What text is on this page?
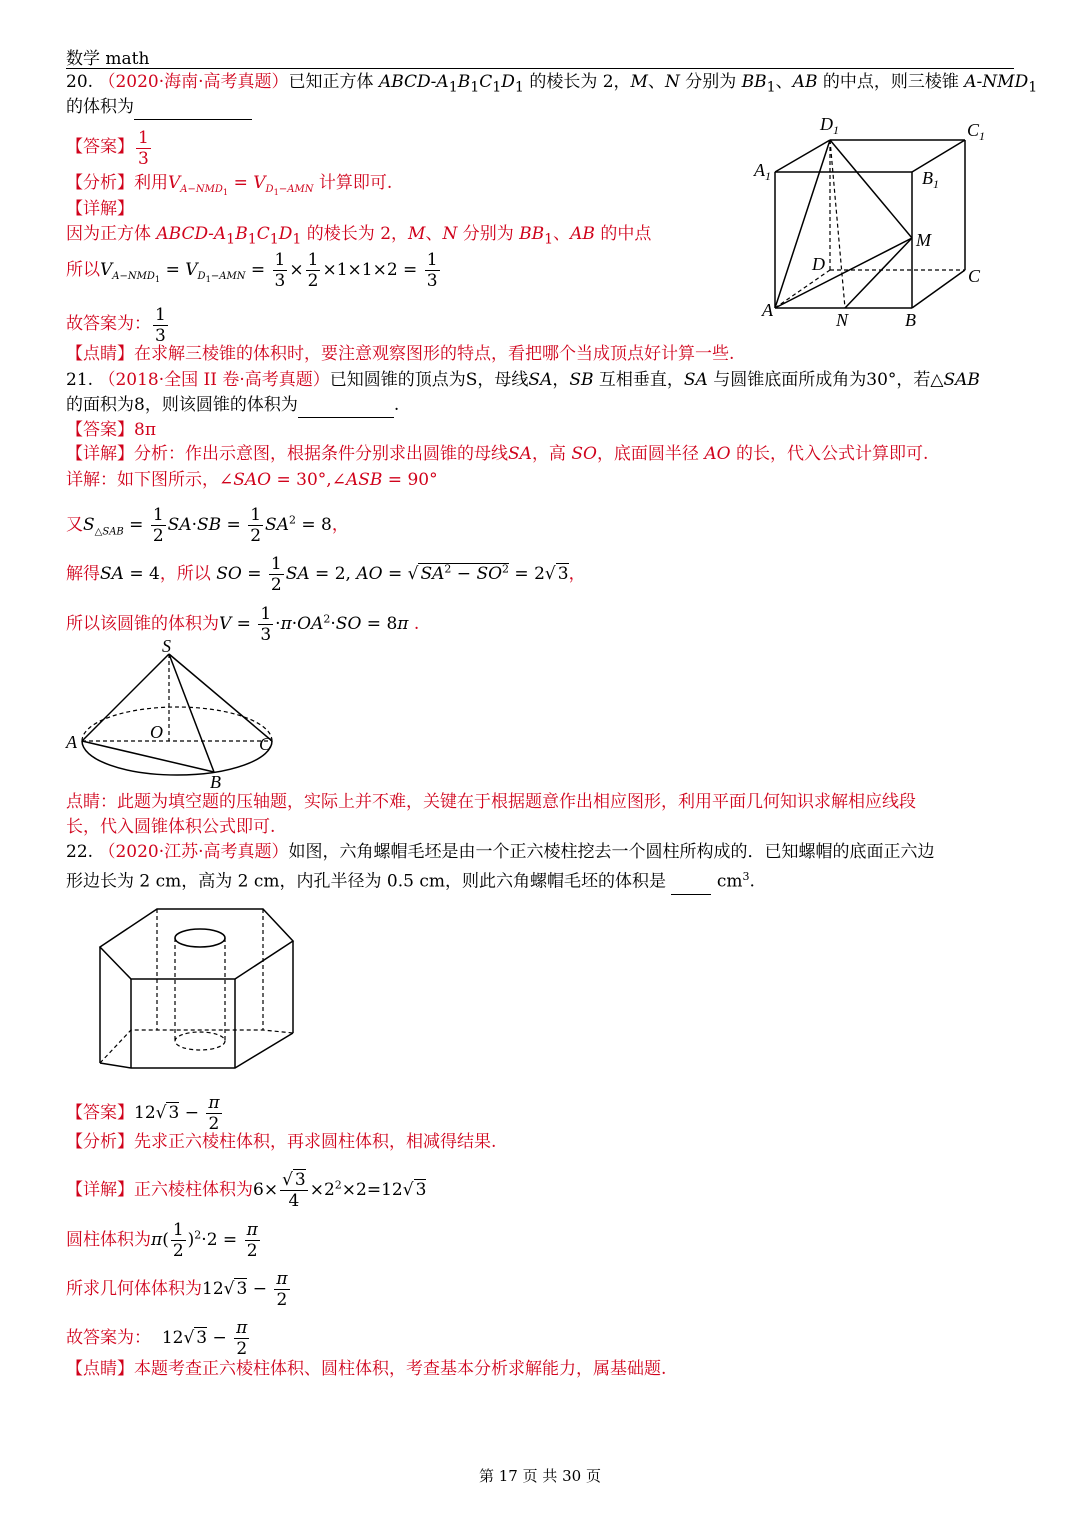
数学 math
20. （2020·海南·高考真题）已知正方体 ABCD-$A_1B_1C_1D_1$ 的棱长为 2，M、N 分别为 $BB_1$、AB 的中点，则三棱锥 $A-NMD_1$
的体积为
【答案】 $\frac{1}{3}$
【分析】利用$V_{A-NMD_1} = V_{D_1-AMN}$ 计算即可.
【详解】
因为正方体 ABCD-$A_1B_1C_1D_1$ 的棱长为 2，M、N 分别为 $BB_1$、AB 的中点
所以$V_{A-NMD_1} = V_{D_1-AMN} = \frac{1}{3} \times \frac{1}{2} \times 1\times 1\times 2 = \frac{1}{3}$
故答案为： $\frac{1}{3}$
【点睛】在求解三棱锥的体积时，要注意观察图形的特点，看把哪个当成顶点好计算一些.
$D_1$	$C_1$
$A_1$	$B_1$
M
D
C
A	N	B
21. （2018·全国 II 卷·高考真题）已知圆锥的顶点为S，母线SA，SB 互相垂直，SA 与圆锥底面所成角为30°，若△SAB
的面积为8，则该圆锥的体积为	.
【答案】8π
【详解】分析：作出示意图，根据条件分别求出圆锥的母线SA，高 SO，底面圆半径 AO 的长，代入公式计算即可.
详解：如下图所示，∠SAO = 30°,∠ASB = 90°
又$S_{\triangle SAB} = \frac{1}{2} SA\cdot SB = \frac{1}{2} SA^2 = 8$，
解得SA = 4，所以 SO = $\frac{1}{2}$ SA = 2, AO = √ $SA^2 - SO^2 = 2√$ 3，
所以该圆锥的体积为$V = \frac{1}{3} \cdot\pi\cdot OA^2\cdot SO = 8\pi$ .
S
O
A	C
B
点睛：此题为填空题的压轴题，实际上并不难，关键在于根据题意作出相应图形，利用平面几何知识求解相应线段
长，代入圆锥体积公式即可.
22. （2020·江苏·高考真题）如图，六角螺帽毛坯是由一个正六棱柱挖去一个圆柱所构成的．已知螺帽的底面正六边
形边长为 2 cm，高为 2 cm，内孔半径为 0.5 cm，则此六角螺帽毛坯的体积是	$cm^3$.
【答案】12√ $3 - \frac{\pi}{2}$
【分析】先求正六棱柱体积，再求圆柱体积，相减得结果.
【详解】正六棱柱体积为$6\times \frac{√ 3}{4} \times 2^2\times 2=12√$ 3
圆柱体积为$\pi( \frac{1}{2} )^2\cdot 2 = \frac{\pi}{2}$
所求几何体体积为12√ $3 - \frac{\pi}{2}$
故答案为： 12√ $3 - \frac{\pi}{2}$
【点睛】本题考查正六棱柱体积、圆柱体积，考查基本分析求解能力，属基础题.
第 17 页 共 30 页
